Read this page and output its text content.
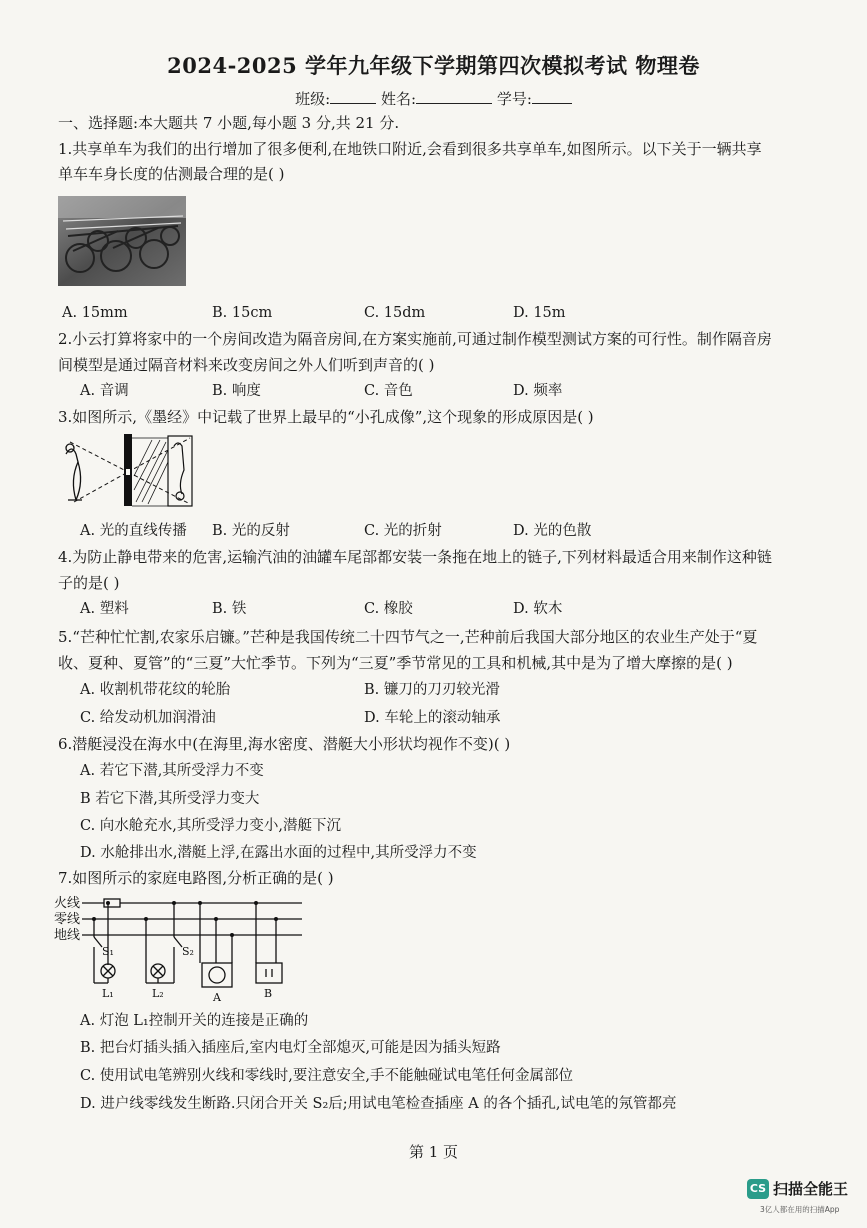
2024-2025 学年九年级下学期第四次模拟考试 物理卷
班级:	姓名:	学号:
一、选择题:本大题共 7 小题,每小题 3 分,共 21 分.
1.共享单车为我们的出行增加了很多便利,在地铁口附近,会看到很多共享单车,如图所示。以下关于一辆共享
单车车身长度的估测最合理的是( )
A. 15mm	B. 15cm	C. 15dm	D. 15m
2.小云打算将家中的一个房间改造为隔音房间,在方案实施前,可通过制作模型测试方案的可行性。制作隔音房
间模型是通过隔音材料来改变房间之外人们听到声音的( )
A. 音调	B. 响度	C. 音色	D. 频率
3.如图所示,《墨经》中记载了世界上最早的“小孔成像”,这个现象的形成原因是( )
A. 光的直线传播 B. 光的反射	C. 光的折射	D. 光的色散
4.为防止静电带来的危害,运输汽油的油罐车尾部都安装一条拖在地上的链子,下列材料最适合用来制作这种链
子的是( )
A. 塑料	B. 铁	C. 橡胶	D. 软木
5.“芒种忙忙割,农家乐启镰。”芒种是我国传统二十四节气之一,芒种前后我国大部分地区的农业生产处于“夏
收、夏种、夏管”的“三夏”大忙季节。下列为“三夏”季节常见的工具和机械,其中是为了增大摩擦的是( )
A. 收割机带花纹的轮胎	B. 镰刀的刀刃较光滑
C. 给发动机加润滑油	D. 车轮上的滚动轴承
6.潜艇浸没在海水中(在海里,海水密度、潜艇大小形状均视作不变)( )
A. 若它下潜,其所受浮力不变
B 若它下潜,其所受浮力变大
C. 向水舱充水,其所受浮力变小,潜艇下沉
D. 水舱排出水,潜艇上浮,在露出水面的过程中,其所受浮力不变
7.如图所示的家庭电路图,分析正确的是( )
火线
零线
地线
S₁	S₂
L₁	L₂	A	B
A. 灯泡 L₁控制开关的连接是正确的
B. 把台灯插头插入插座后,室内电灯全部熄灭,可能是因为插头短路
C. 使用试电笔辨别火线和零线时,要注意安全,手不能触碰试电笔任何金属部位
D. 进户线零线发生断路.只闭合开关 S₂后;用试电笔检查插座 A 的各个插孔,试电笔的氖管都亮
第 1 页
CS 扫描全能王
3亿人都在用的扫描App
